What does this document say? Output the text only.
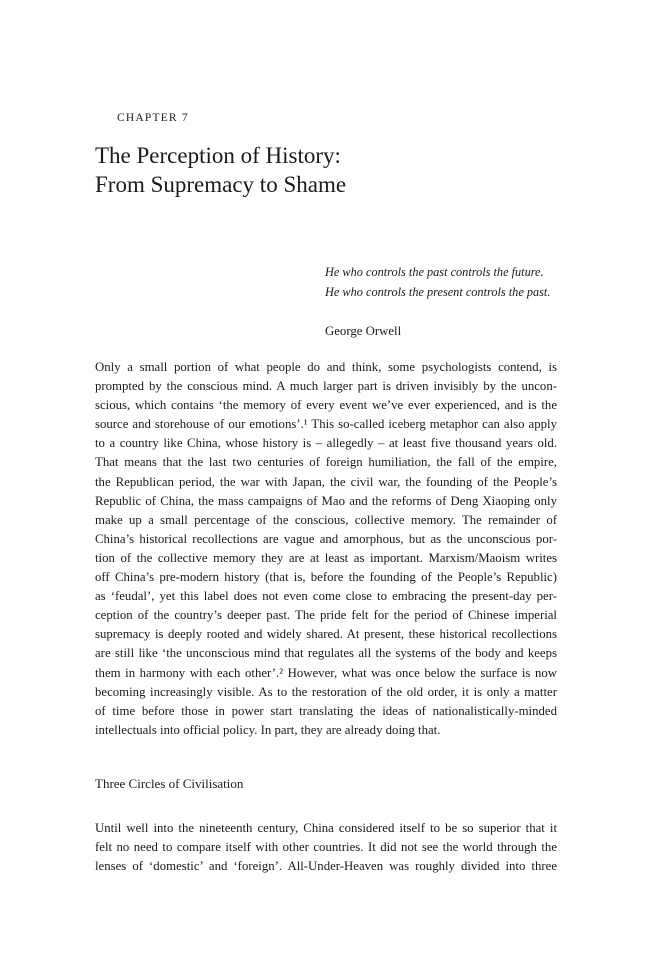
CHAPTER 7
The Perception of History:
From Supremacy to Shame
He who controls the past controls the future.
He who controls the present controls the past.
George Orwell
Only a small portion of what people do and think, some psychologists contend, is
prompted by the conscious mind. A much larger part is driven invisibly by the uncon-
scious, which contains ‘the memory of every event we’ve ever experienced, and is the
source and storehouse of our emotions’.¹ This so-called iceberg metaphor can also apply
to a country like China, whose history is – allegedly – at least five thousand years old.
That means that the last two centuries of foreign humiliation, the fall of the empire,
the Republican period, the war with Japan, the civil war, the founding of the People’s
Republic of China, the mass campaigns of Mao and the reforms of Deng Xiaoping only
make up a small percentage of the conscious, collective memory. The remainder of
China’s historical recollections are vague and amorphous, but as the unconscious por-
tion of the collective memory they are at least as important. Marxism/Maoism writes
off China’s pre-modern history (that is, before the founding of the People’s Republic)
as ‘feudal’, yet this label does not even come close to embracing the present-day per-
ception of the country’s deeper past. The pride felt for the period of Chinese imperial
supremacy is deeply rooted and widely shared. At present, these historical recollections
are still like ‘the unconscious mind that regulates all the systems of the body and keeps
them in harmony with each other’.² However, what was once below the surface is now
becoming increasingly visible. As to the restoration of the old order, it is only a matter
of time before those in power start translating the ideas of nationalistically-minded
intellectuals into official policy. In part, they are already doing that.
Three Circles of Civilisation
Until well into the nineteenth century, China considered itself to be so superior that it
felt no need to compare itself with other countries. It did not see the world through the
lenses of ‘domestic’ and ‘foreign’. All-Under-Heaven was roughly divided into three
